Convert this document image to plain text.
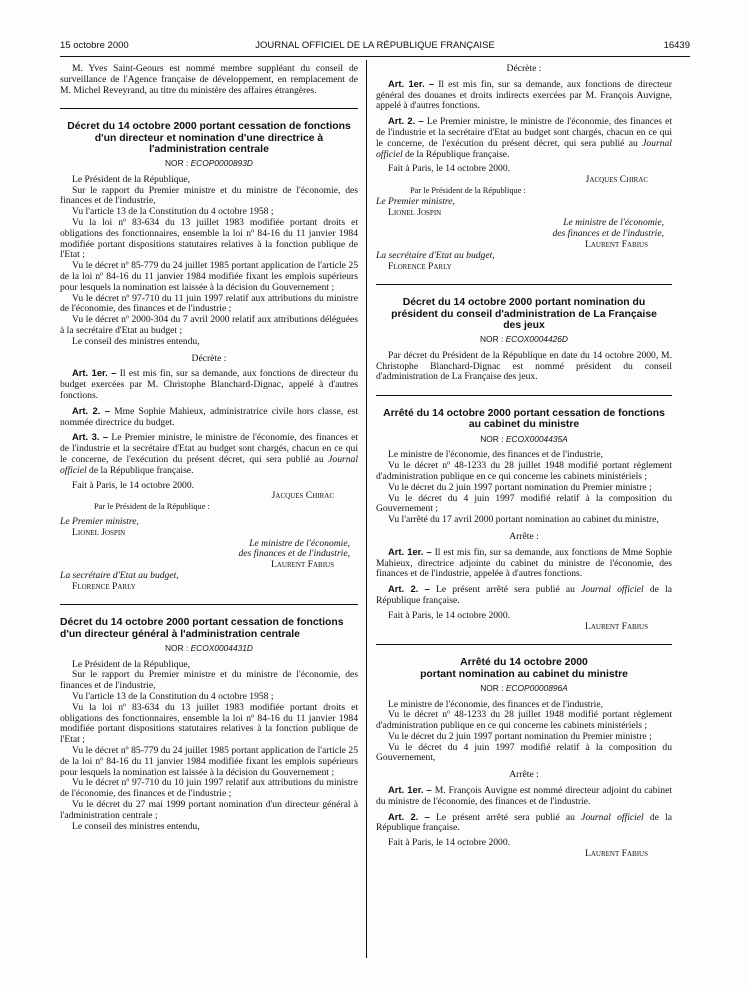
15 octobre 2000	JOURNAL OFFICIEL DE LA RÉPUBLIQUE FRANÇAISE	16439

M. Yves Saint-Geours est nommé membre suppléant du conseil de surveillance de l'Agence française de développement, en remplacement de M. Michel Reveyrand, au titre du ministère des affaires étrangères.

Décret du 14 octobre 2000 portant cessation de fonctions d'un directeur et nomination d'une directrice à l'administration centrale
NOR : ECOP0000893D

Le Président de la République,

Sur le rapport du Premier ministre et du ministre de l'économie, des finances et de l'industrie,

Vu l'article 13 de la Constitution du 4 octobre 1958 ;

Vu la loi nº 83-634 du 13 juillet 1983 modifiée portant droits et obligations des fonctionnaires, ensemble la loi nº 84-16 du 11 janvier 1984 modifiée portant dispositions statutaires relatives à la fonction publique de l'Etat ;

Vu le décret nº 85-779 du 24 juillet 1985 portant application de l'article 25 de la loi nº 84-16 du 11 janvier 1984 modifiée fixant les emplois supérieurs pour lesquels la nomination est laissée à la décision du Gouvernement ;

Vu le décret nº 97-710 du 11 juin 1997 relatif aux attributions du ministre de l'économie, des finances et de l'industrie ;

Vu le décret nº 2000-304 du 7 avril 2000 relatif aux attributions déléguées à la secrétaire d'Etat au budget ;

Le conseil des ministres entendu,

Décrète :

Art. 1er. – Il est mis fin, sur sa demande, aux fonctions de directeur du budget exercées par M. Christophe Blanchard-Dignac, appelé à d'autres fonctions.

Art. 2. – Mme Sophie Mahieux, administratrice civile hors classe, est nommée directrice du budget.

Art. 3. – Le Premier ministre, le ministre de l'économie, des finances et de l'industrie et la secrétaire d'Etat au budget sont chargés, chacun en ce qui le concerne, de l'exécution du présent décret, qui sera publié au Journal officiel de la République française.

Fait à Paris, le 14 octobre 2000.

Jacques Chirac

Par le Président de la République :

Le Premier ministre,

Lionel Jospin

Le ministre de l'économie,

des finances et de l'industrie,

Laurent Fabius

La secrétaire d'Etat au budget,

Florence Parly

Décret du 14 octobre 2000 portant cessation de fonctions d'un directeur général à l'administration centrale
NOR : ECOX0004431D

Le Président de la République,

Sur le rapport du Premier ministre et du ministre de l'économie, des finances et de l'industrie,

Vu l'article 13 de la Constitution du 4 octobre 1958 ;

Vu la loi nº 83-634 du 13 juillet 1983 modifiée portant droits et obligations des fonctionnaires, ensemble la loi nº 84-16 du 11 janvier 1984 modifiée portant dispositions statutaires relatives à la fonction publique de l'Etat ;

Vu le décret nº 85-779 du 24 juillet 1985 portant application de l'article 25 de la loi nº 84-16 du 11 janvier 1984 modifiée fixant les emplois supérieurs pour lesquels la nomination est laissée à la décision du Gouvernement ;

Vu le décret nº 97-710 du 10 juin 1997 relatif aux attributions du ministre de l'économie, des finances et de l'industrie ;

Vu le décret du 27 mai 1999 portant nomination d'un directeur général à l'administration centrale ;

Le conseil des ministres entendu,

Décrète :

Art. 1er. – Il est mis fin, sur sa demande, aux fonctions de directeur général des douanes et droits indirects exercées par M. François Auvigne, appelé à d'autres fonctions.

Art. 2. – Le Premier ministre, le ministre de l'économie, des finances et de l'industrie et la secrétaire d'Etat au budget sont chargés, chacun en ce qui le concerne, de l'exécution du présent décret, qui sera publié au Journal officiel de la République française.

Fait à Paris, le 14 octobre 2000.

Jacques Chirac

Par le Président de la République :

Le Premier ministre,

Lionel Jospin

Le ministre de l'économie,

des finances et de l'industrie,

Laurent Fabius

La secrétaire d'Etat au budget,

Florence Parly

Décret du 14 octobre 2000 portant nomination du président du conseil d'administration de La Française des jeux
NOR : ECOX0004426D

Par décret du Président de la République en date du 14 octobre 2000, M. Christophe Blanchard-Dignac est nommé président du conseil d'administration de La Française des jeux.

Arrêté du 14 octobre 2000 portant cessation de fonctions au cabinet du ministre
NOR : ECOX0004435A

Le ministre de l'économie, des finances et de l'industrie,

Vu le décret nº 48-1233 du 28 juillet 1948 modifié portant règlement d'administration publique en ce qui concerne les cabinets ministériels ;

Vu le décret du 2 juin 1997 portant nomination du Premier ministre ;

Vu le décret du 4 juin 1997 modifié relatif à la composition du Gouvernement ;

Vu l'arrêté du 17 avril 2000 portant nomination au cabinet du ministre,

Arrête :

Art. 1er. – Il est mis fin, sur sa demande, aux fonctions de Mme Sophie Mahieux, directrice adjointe du cabinet du ministre de l'économie, des finances et de l'industrie, appelée à d'autres fonctions.

Art. 2. – Le présent arrêté sera publié au Journal officiel de la République française.

Fait à Paris, le 14 octobre 2000.

Laurent Fabius

Arrêté du 14 octobre 2000
portant nomination au cabinet du ministre
NOR : ECOP0000896A

Le ministre de l'économie, des finances et de l'industrie,

Vu le décret nº 48-1233 du 28 juillet 1948 modifié portant règlement d'administration publique en ce qui concerne les cabinets ministériels ;

Vu le décret du 2 juin 1997 portant nomination du Premier ministre ;

Vu le décret du 4 juin 1997 modifié relatif à la composition du Gouvernement,

Arrête :

Art. 1er. – M. François Auvigne est nommé directeur adjoint du cabinet du ministre de l'économie, des finances et de l'industrie.

Art. 2. – Le présent arrêté sera publié au Journal officiel de la République française.

Fait à Paris, le 14 octobre 2000.

Laurent Fabius
